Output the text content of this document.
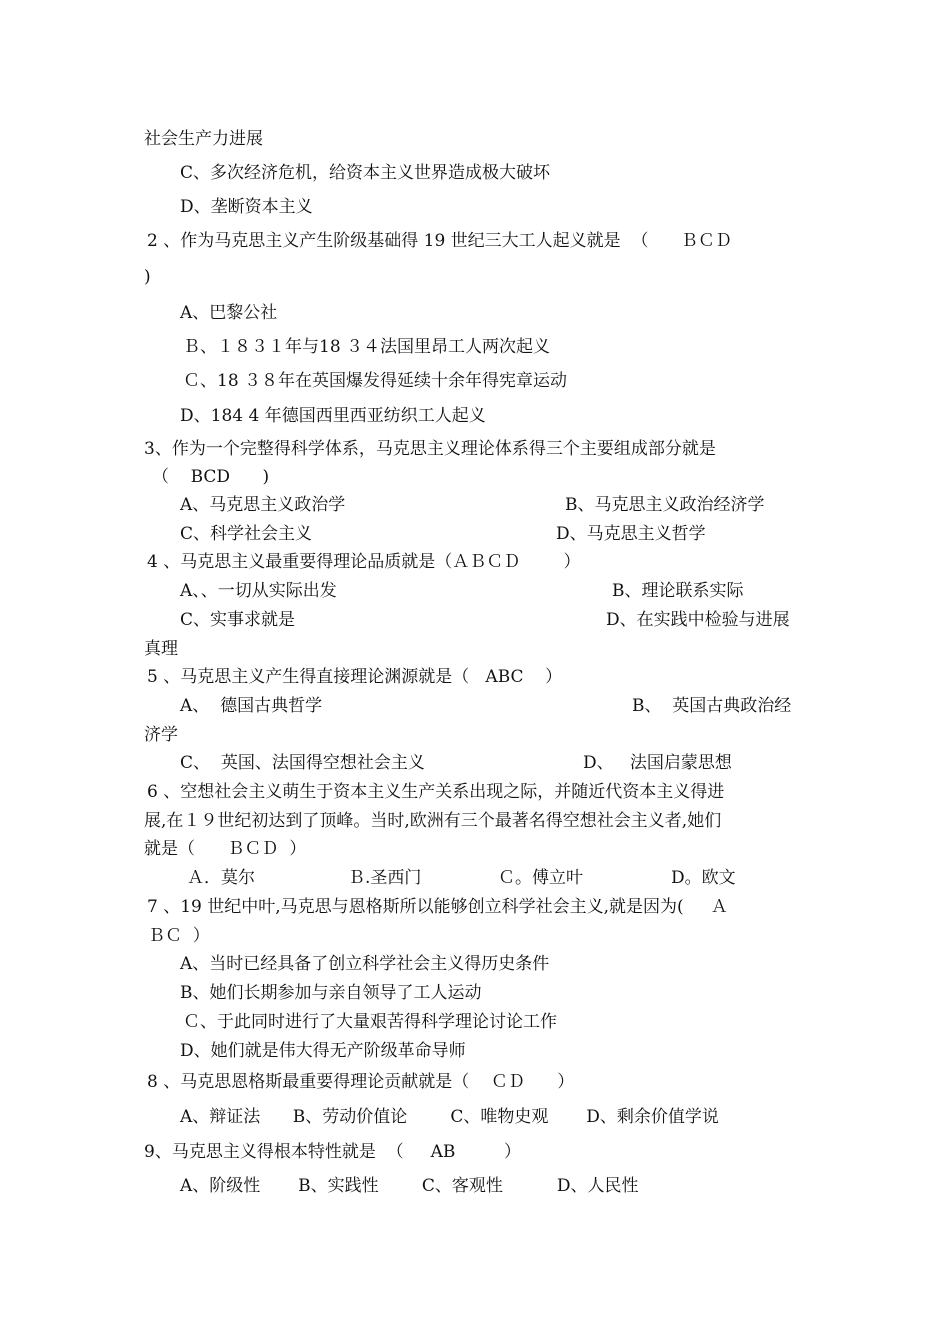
社会生产力进展
C、多次经济危机，给资本主义世界造成极大破坏
D、垄断资本主义
2 、作为马克思主义产生阶级基础得 19 世纪三大工人起义就是  （      ＢＣＤ
)
A、巴黎公社
Ｂ、１８３１年与18 ３４法国里昂工人两次起义
Ｃ、18 ３８年在英国爆发得延续十余年得宪章运动
D、184 4 年德国西里西亚纺织工人起义
3、作为一个完整得科学体系，马克思主义理论体系得三个主要组成部分就是
（    BCD      )
A、马克思主义政治学	B、马克思主义政治经济学
C、科学社会主义	D、马克思主义哲学
4 、马克思主义最重要得理论品质就是（ＡＢＣＤ        ）
A、、一切从实际出发	B、理论联系实际
C、实事求就是	D、在实践中检验与进展
真理
5 、马克思主义产生得直接理论渊源就是（   ABC    ）
A、  德国古典哲学	B、  英国古典政治经
济学
C、  英国、法国得空想社会主义	D、   法国启蒙思想
6 、空想社会主义萌生于资本主义生产关系出现之际，并随近代资本主义得进
展,在１９世纪初达到了顶峰。当时,欧洲有三个最著名得空想社会主义者,她们
就是（      ＢＣＤ  ）
Ａ．莫尔	Ｂ.圣西门	Ｃ。傅立叶	D。欧文
7 、19 世纪中叶,马克思与恩格斯所以能够创立科学社会主义,就是因为(     Ａ
ＢＣ  ）
A、当时已经具备了创立科学社会主义得历史条件
B、她们长期参加与亲自领导了工人运动
Ｃ、于此同时进行了大量艰苦得科学理论讨论工作
D、她们就是伟大得无产阶级革命导师
8 、马克思恩格斯最重要得理论贡献就是（    ＣＤ      ）
A、辩证法      B、劳动价值论        C、唯物史观       D、剩余价值学说
9、马克思主义得根本特性就是  （     AB         ）
A、阶级性       B、实践性        C、客观性          D、人民性
